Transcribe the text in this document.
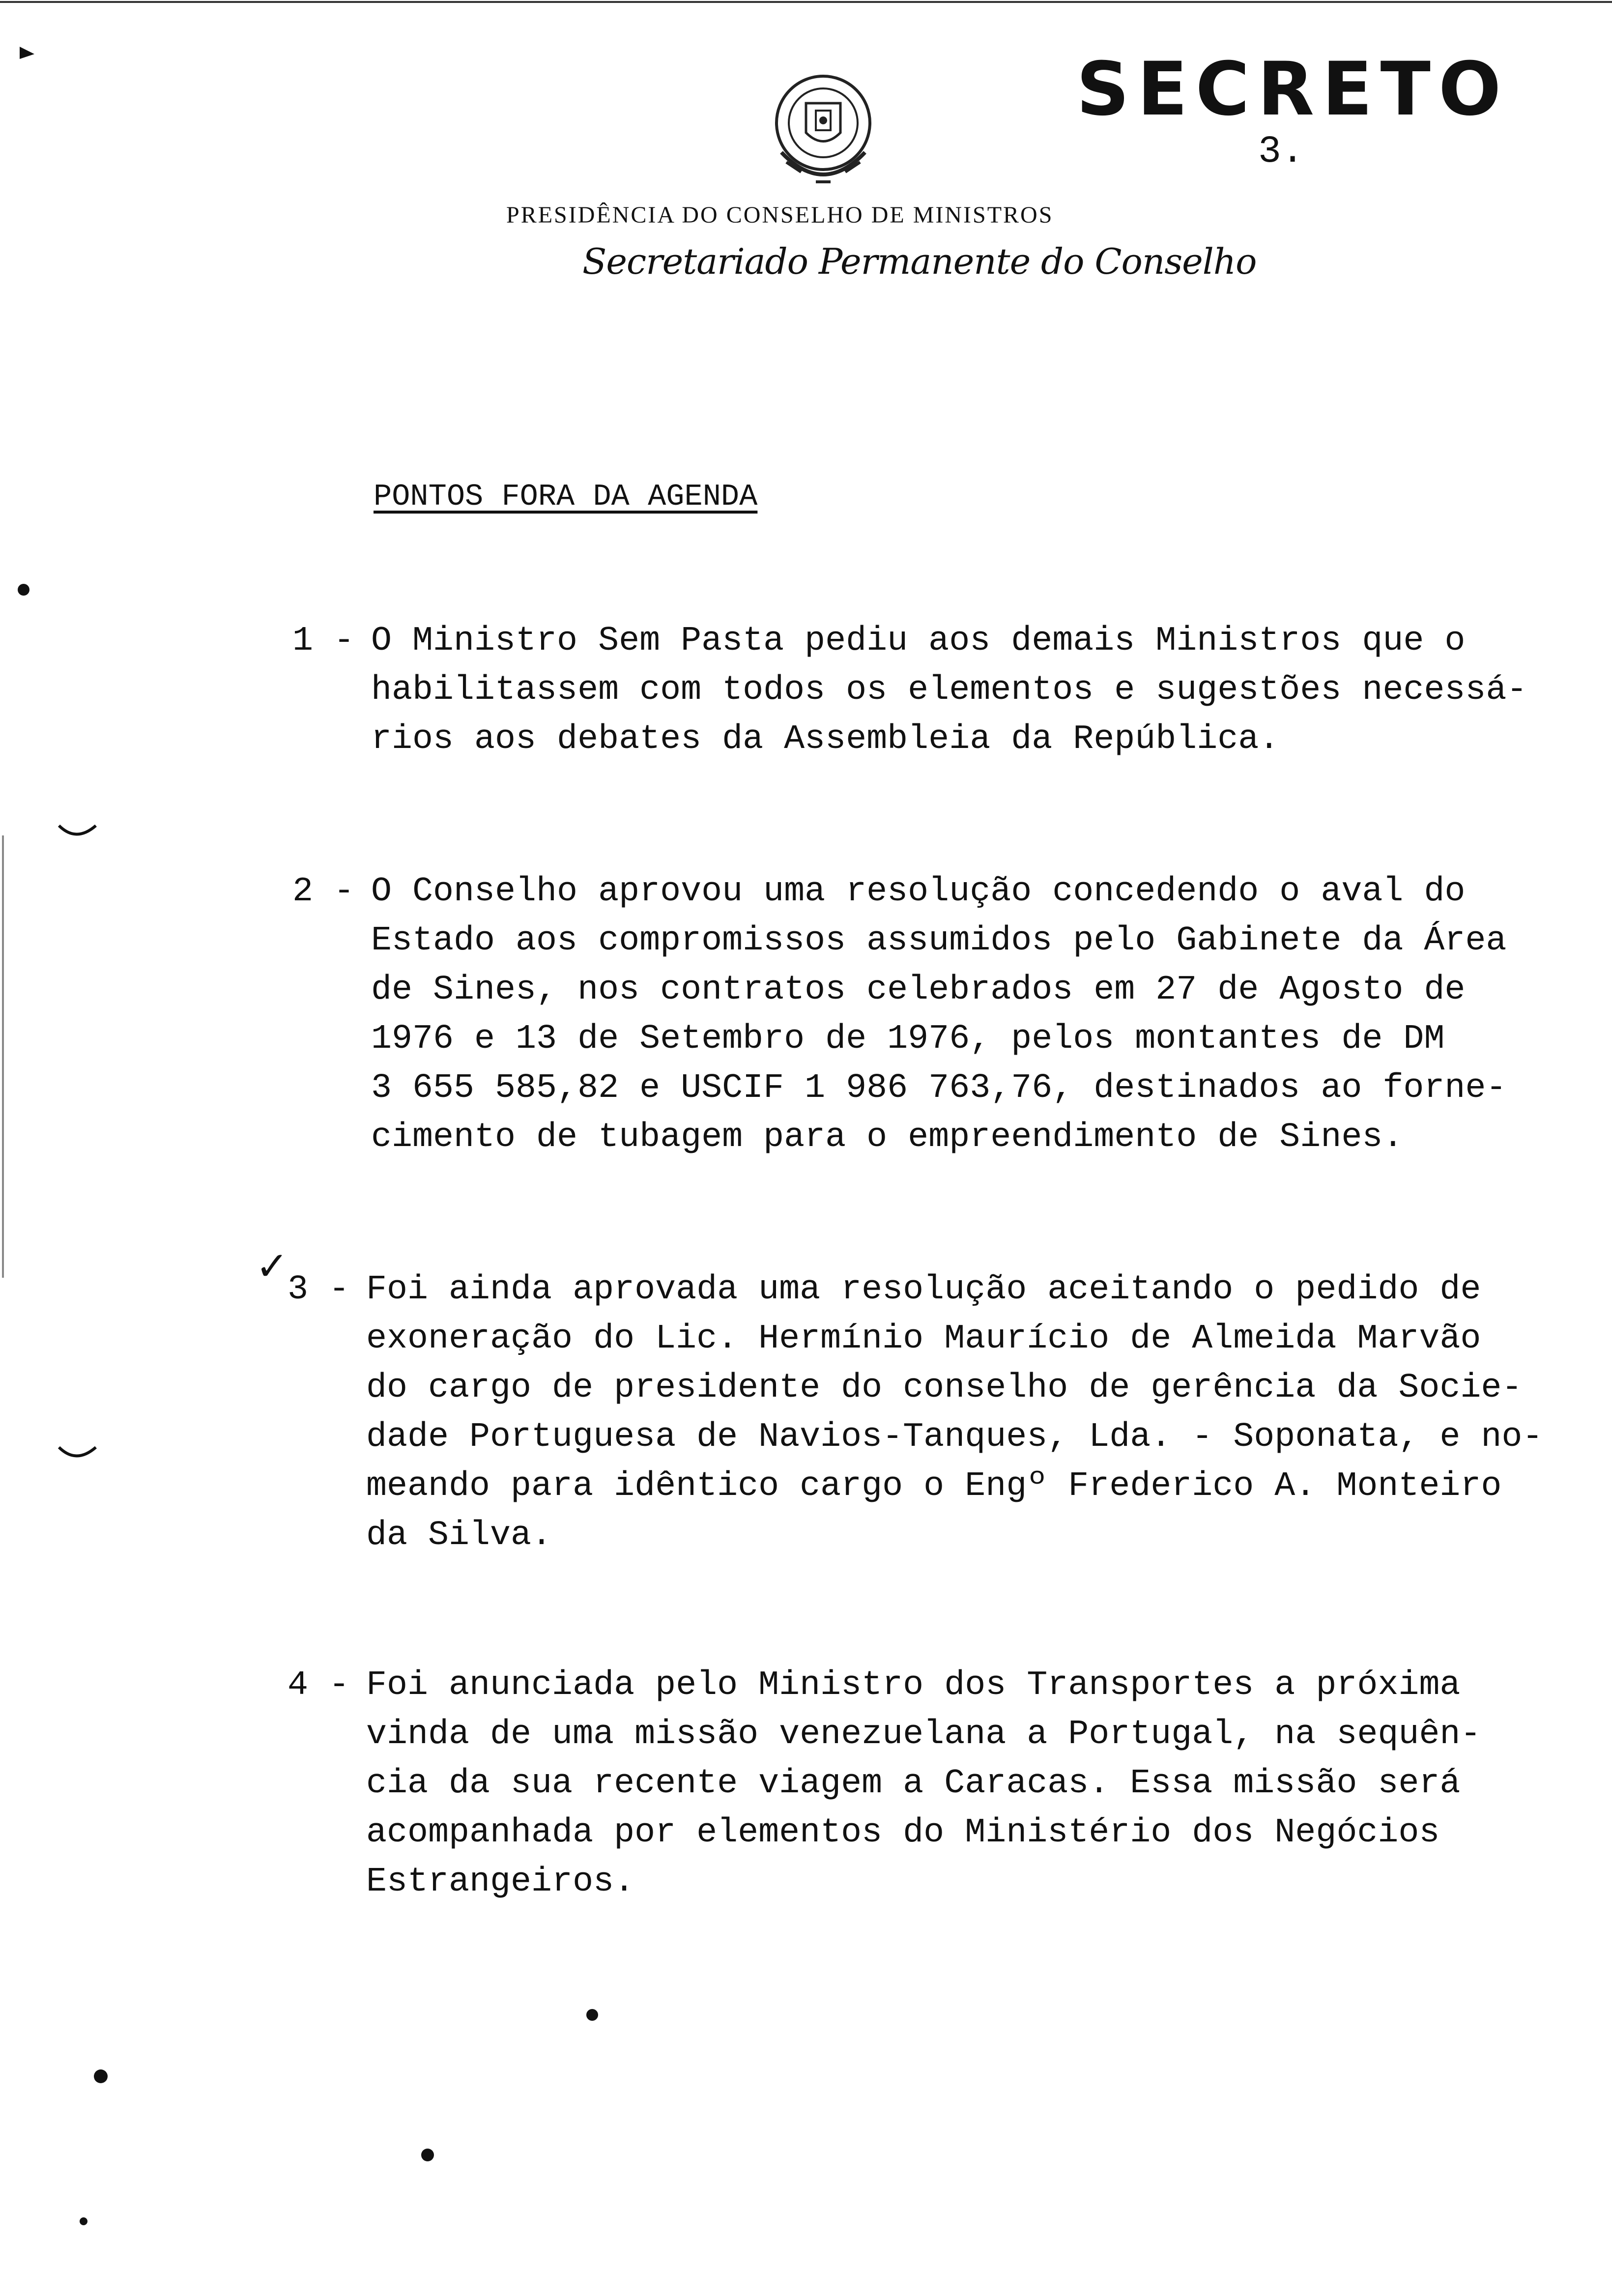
SECRETO
3.
PRESIDÊNCIA DO CONSELHO DE MINISTROS
Secretariado Permanente do Conselho
PONTOS FORA DA AGENDA
1 - O Ministro Sem Pasta pediu aos demais Ministros que o
habilitassem com todos os elementos e sugestões necessá-
rios aos debates da Assembleia da República.
2 - O Conselho aprovou uma resolução concedendo o aval do
Estado aos compromissos assumidos pelo Gabinete da Área
de Sines, nos contratos celebrados em 27 de Agosto de
1976 e 13 de Setembro de 1976, pelos montantes de DM
3 655 585,82 e USCIF 1 986 763,76, destinados ao forne-
cimento de tubagem para o empreendimento de Sines.
✓
3 - Foi ainda aprovada uma resolução aceitando o pedido de
exoneração do Lic. Hermínio Maurício de Almeida Marvão
do cargo de presidente do conselho de gerência da Socie-
dade Portuguesa de Navios-Tanques, Lda. - Soponata, e no-
meando para idêntico cargo o Engº Frederico A. Monteiro
da Silva.
4 - Foi anunciada pelo Ministro dos Transportes a próxima
vinda de uma missão venezuelana a Portugal, na sequên-
cia da sua recente viagem a Caracas. Essa missão será
acompanhada por elementos do Ministério dos Negócios
Estrangeiros.
